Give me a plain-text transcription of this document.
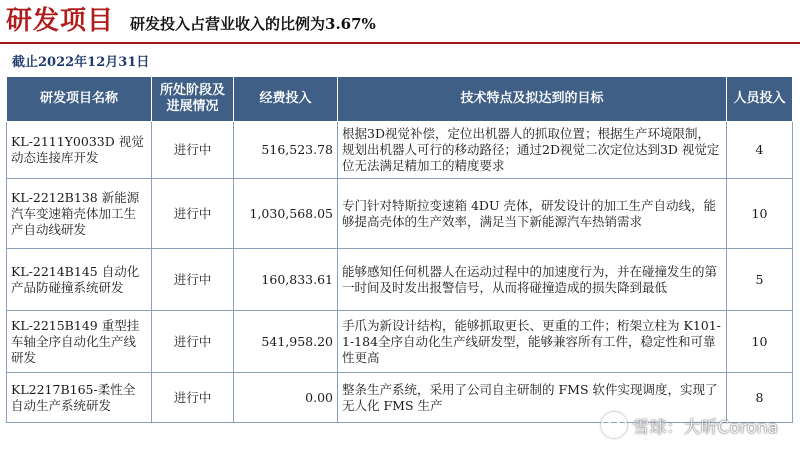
研发项目 研发投入占营业收入的比例为3.67%
截止2022年12月31日
研发项目名称	所处阶段及进展情况	经费投入	技术特点及拟达到的目标	人员投入
KL-2111Y0033D 视觉动态连接库开发	进行中	516,523.78	根据3D视觉补偿，定位出机器人的抓取位置；根据生产环境限制，规划出机器人可行的移动路径；通过2D视觉二次定位达到3D 视觉定位无法满足精加工的精度要求	4
KL-2212B138 新能源汽车变速箱壳体加工生产自动线研发	进行中	1,030,568.05	专门针对特斯拉变速箱 4DU 壳体，研发设计的加工生产自动线，能够提高壳体的生产效率，满足当下新能源汽车热销需求	10
KL-2214B145 自动化产品防碰撞系统研发	进行中	160,833.61	能够感知任何机器人在运动过程中的加速度行为，并在碰撞发生的第一时间及时发出报警信号，从而将碰撞造成的损失降到最低	5
KL-2215B149 重型挂车轴全序自动化生产线研发	进行中	541,958.20	手爪为新设计结构，能够抓取更长、更重的工件；桁架立柱为 K101-1-184全序自动化生产线研发型，能够兼容所有工件，稳定性和可靠性更高	10
KL2217B165-柔性全自动生产系统研发	进行中	0.00	整条生产系统，采用了公司自主研制的 FMS 软件实现调度，实现了无人化 FMS 生产	8
雪球：大昕Corona
